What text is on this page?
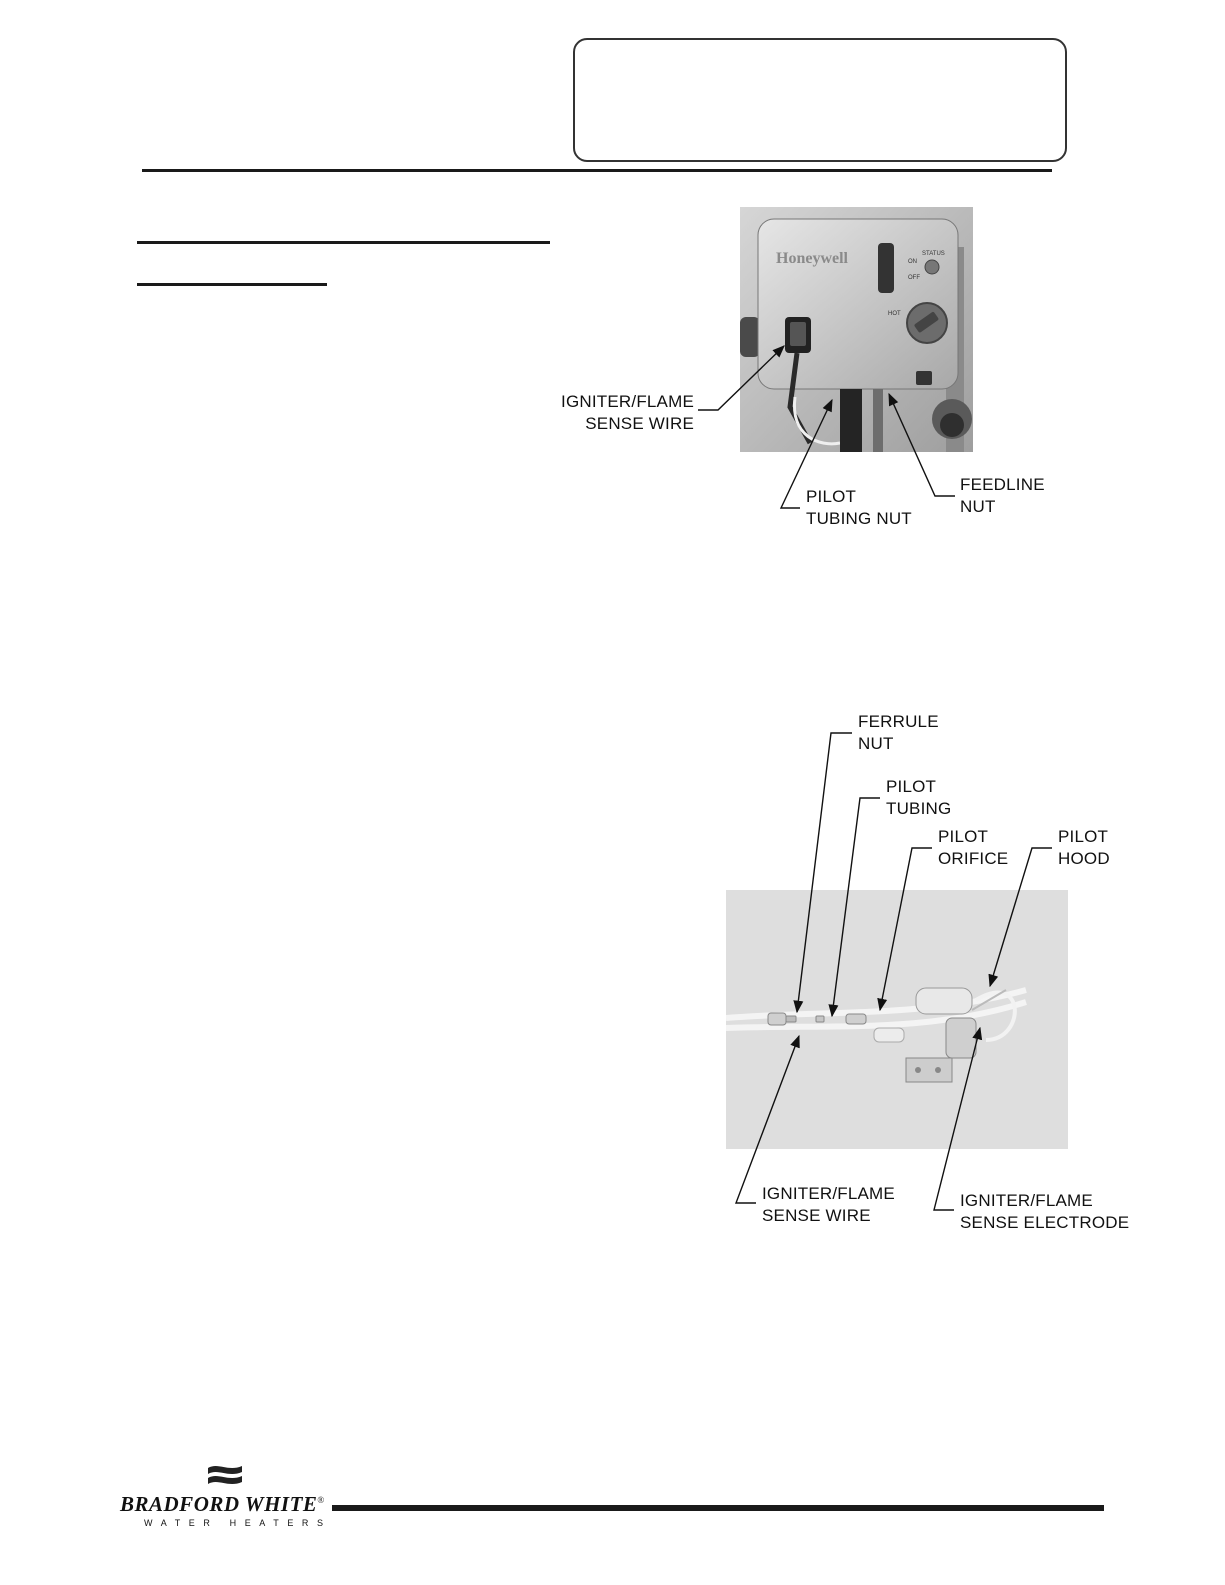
Honeywell	ON
OFF
STATUS
HOT
IGNITER/FLAME
SENSE WIRE
PILOT
TUBING NUT
FEEDLINE
NUT
FERRULE
NUT
PILOT
TUBING
PILOT
ORIFICE
PILOT
HOOD
IGNITER/FLAME
SENSE WIRE
IGNITER/FLAME
SENSE ELECTRODE
BRADFORD WHITE®
WATER HEATERS
